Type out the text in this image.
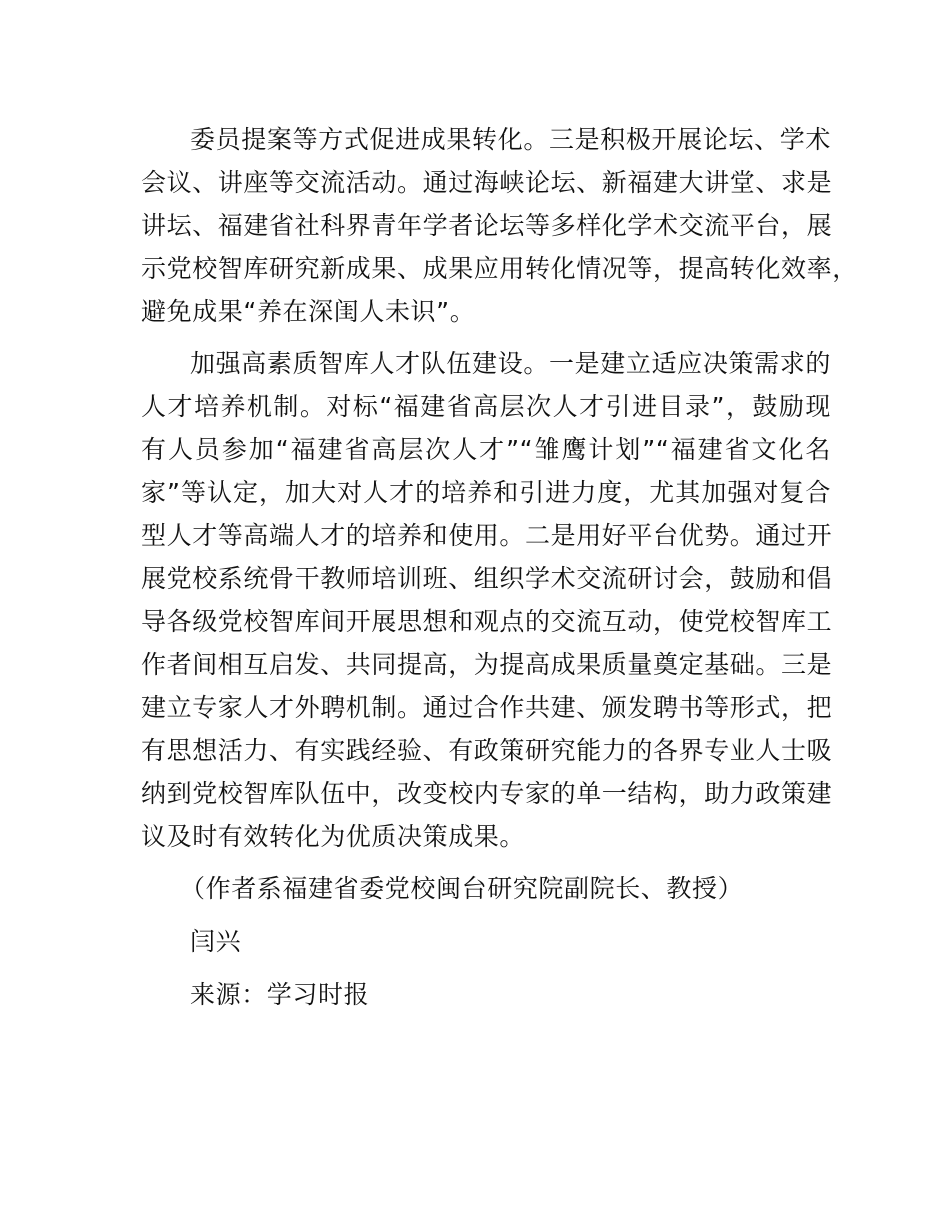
委员提案等方式促进成果转化。三是积极开展论坛、学术
会议、讲座等交流活动。通过海峡论坛、新福建大讲堂、求是
讲坛、福建省社科界青年学者论坛等多样化学术交流平台，展
示党校智库研究新成果、成果应用转化情况等，提高转化效率，
避免成果“养在深闺人未识”。
加强高素质智库人才队伍建设。一是建立适应决策需求的
人才培养机制。对标“福建省高层次人才引进目录”，鼓励现
有人员参加“福建省高层次人才”“雏鹰计划”“福建省文化名
家”等认定，加大对人才的培养和引进力度，尤其加强对复合
型人才等高端人才的培养和使用。二是用好平台优势。通过开
展党校系统骨干教师培训班、组织学术交流研讨会，鼓励和倡
导各级党校智库间开展思想和观点的交流互动，使党校智库工
作者间相互启发、共同提高，为提高成果质量奠定基础。三是
建立专家人才外聘机制。通过合作共建、颁发聘书等形式，把
有思想活力、有实践经验、有政策研究能力的各界专业人士吸
纳到党校智库队伍中，改变校内专家的单一结构，助力政策建
议及时有效转化为优质决策成果。
（作者系福建省委党校闽台研究院副院长、教授）
闫兴
来源：学习时报
